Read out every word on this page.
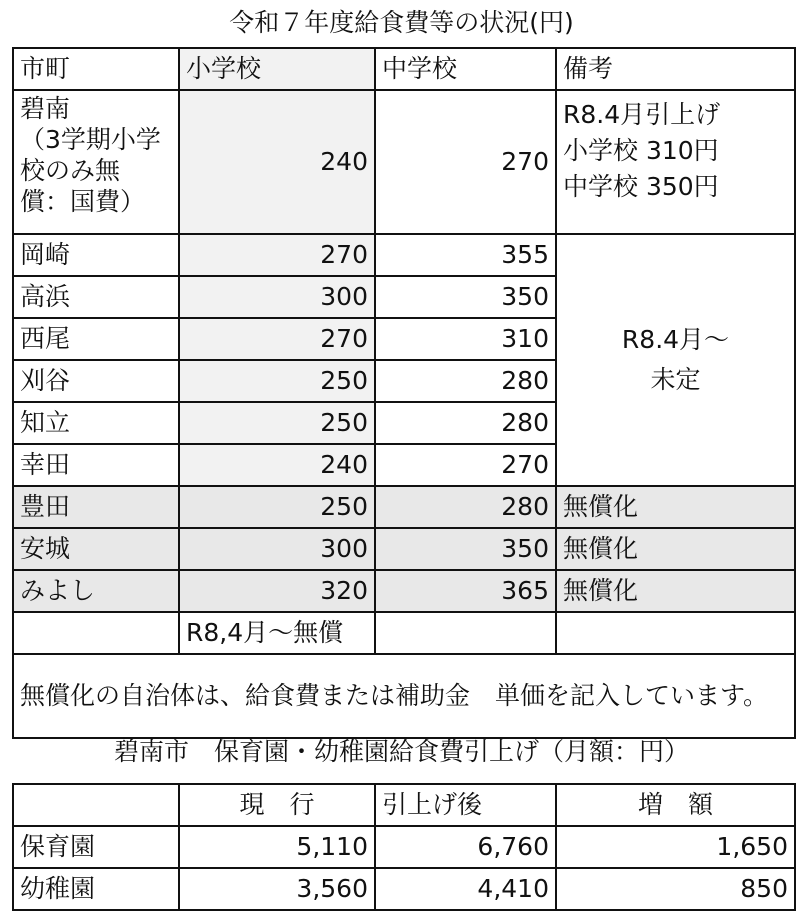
令和７年度給食費等の状況(円)
市町	小学校	中学校	備考

碧南
（3学期小学
校のみ無
償：国費）	240	270	R8.4月引上げ
小学校 310円
中学校 350円

岡崎	270	355	R8.4月～
未定

高浜	300	350	
西尾	270	310	
刈谷	250	280	
知立	250	280	
幸田	240	270	
豊田	250	280	無償化
安城	300	350	無償化
みよし	320	365	無償化
	R8,4月～無償		
無償化の自治体は、給食費または補助金　単価を記入しています。			
碧南市　保育園・幼稚園給食費引上げ（月額：円）
	現　行	引上げ後	増　額
保育園	5,110	6,760	1,650
幼稚園	3,560	4,410	850
